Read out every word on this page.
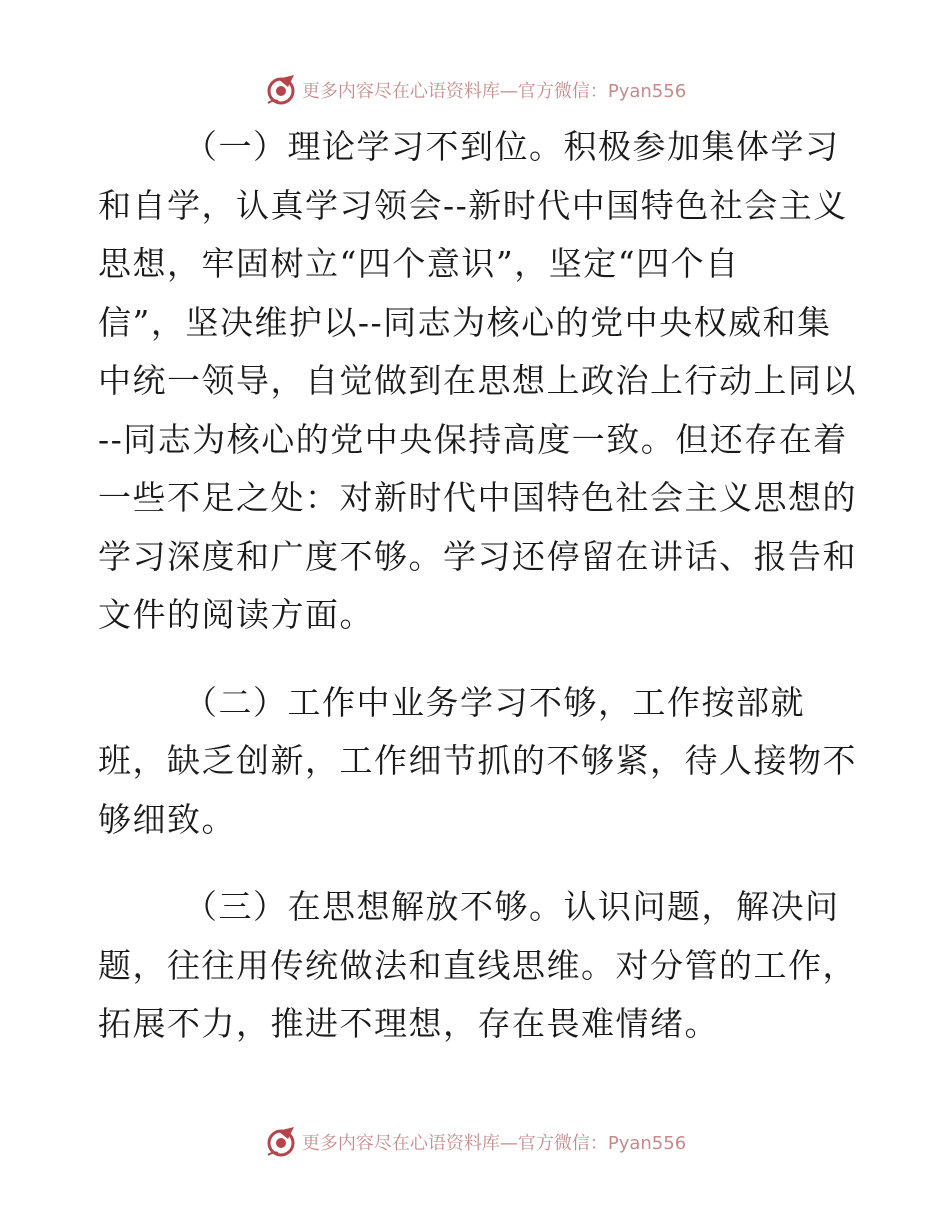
更多内容尽在心语资料库—官方微信：Pyan556
（一）理论学习不到位。积极参加集体学习
和自学，认真学习领会--新时代中国特色社会主义
思想，牢固树立“四个意识”，坚定“四个自
信”，坚决维护以--同志为核心的党中央权威和集
中统一领导，自觉做到在思想上政治上行动上同以
--同志为核心的党中央保持高度一致。但还存在着
一些不足之处：对新时代中国特色社会主义思想的
学习深度和广度不够。学习还停留在讲话、报告和
文件的阅读方面。
（二）工作中业务学习不够，工作按部就
班，缺乏创新，工作细节抓的不够紧，待人接物不
够细致。
（三）在思想解放不够。认识问题，解决问
题，往往用传统做法和直线思维。对分管的工作，
拓展不力，推进不理想，存在畏难情绪。
更多内容尽在心语资料库—官方微信：Pyan556
